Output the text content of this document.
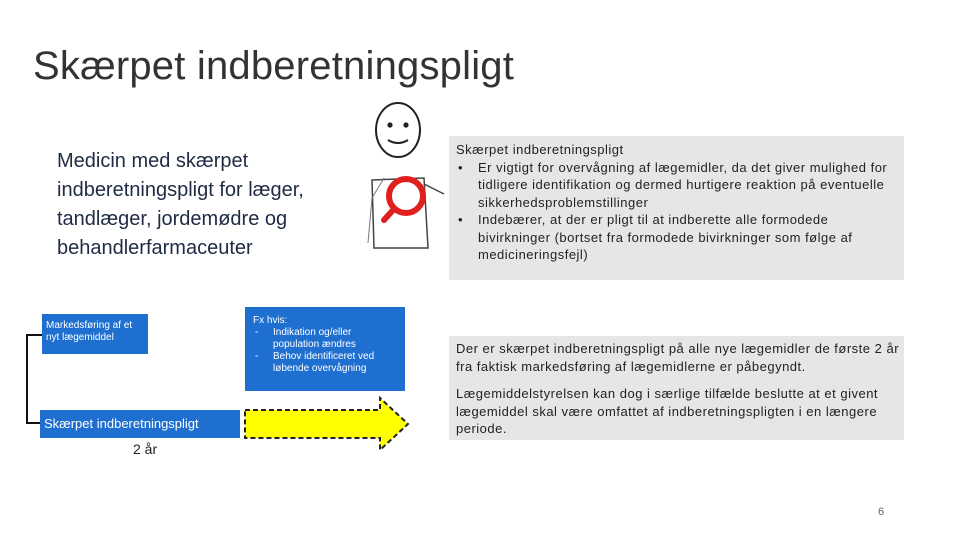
Skærpet indberetningspligt
Medicin med skærpet indberetningspligt for læger, tandlæger, jordemødre og behandlerfarmaceuter
Skærpet indberetningspligt
• Er vigtigt for overvågning af lægemidler, da det giver mulighed for tidligere identifikation og dermed hurtigere reaktion på eventuelle sikkerhedsproblemstillinger
• Indebærer, at der er pligt til at indberette alle formodede bivirkninger (bortset fra formodede bivirkninger som følge af medicineringsfejl)
Der er skærpet indberetningspligt på alle nye lægemidler de første 2 år fra faktisk markedsføring af lægemidlerne er påbegyndt.
Lægemiddelstyrelsen kan dog i særlige tilfælde beslutte at et givent lægemiddel skal være omfattet af indberetningspligten i en længere periode.
Markedsføring af et nyt lægemiddel
Fx hvis:
- Indikation og/eller population ændres
- Behov identificeret ved løbende overvågning
Skærpet indberetningspligt
2 år
6
